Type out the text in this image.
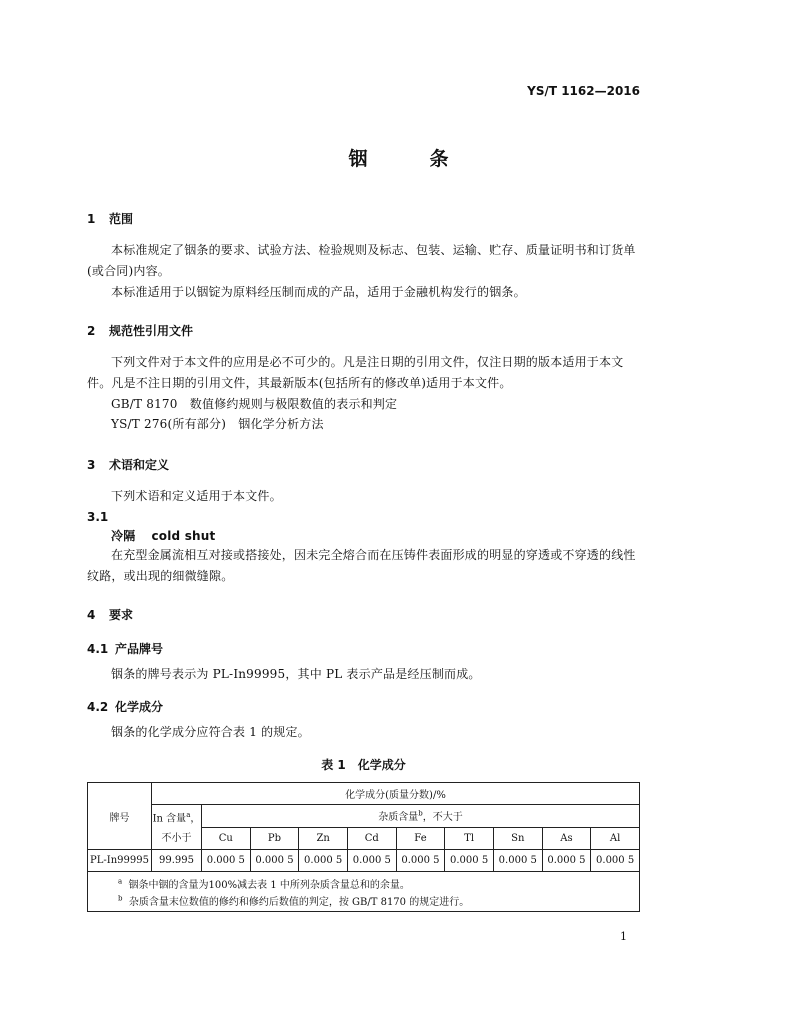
YS/T 1162—2016
铟	条
1 范围

本标准规定了铟条的要求、试验方法、检验规则及标志、包装、运输、贮存、质量证明书和订货单(或合同)内容。

本标准适用于以铟锭为原料经压制而成的产品，适用于金融机构发行的铟条。

2 规范性引用文件

下列文件对于本文件的应用是必不可少的。凡是注日期的引用文件，仅注日期的版本适用于本文件。凡是不注日期的引用文件，其最新版本(包括所有的修改单)适用于本文件。

GB/T 8170　数值修约规则与极限数值的表示和判定

YS/T 276(所有部分)　铟化学分析方法

3 术语和定义

下列术语和定义适用于本文件。

3.1
冷隔 cold shut

在充型金属流相互对接或搭接处，因未完全熔合而在压铸件表面形成的明显的穿透或不穿透的线性纹路，或出现的细微缝隙。

4 要求
4.1 产品牌号

铟条的牌号表示为 PL-In99995，其中 PL 表示产品是经压制而成。

4.2 化学成分

铟条的化学成分应符合表 1 的规定。

表 1　化学成分
牌号	化学成分(质量分数)/%									
	In 含量$^a$，
不小于	杂质含量$^b$，不大于								
		Cu	Pb	Zn	Cd	Fe	Tl	Sn	As	Al
PL-In99995	99.995	0.000 5	0.000 5	0.000 5	0.000 5	0.000 5	0.000 5	0.000 5	0.000 5	0.000 5
$^a$ 铟条中铟的含量为100%减去表 1 中所列杂质含量总和的余量。										
$^b$ 杂质含量末位数值的修约和修约后数值的判定，按 GB/T 8170 的规定进行。										
1
